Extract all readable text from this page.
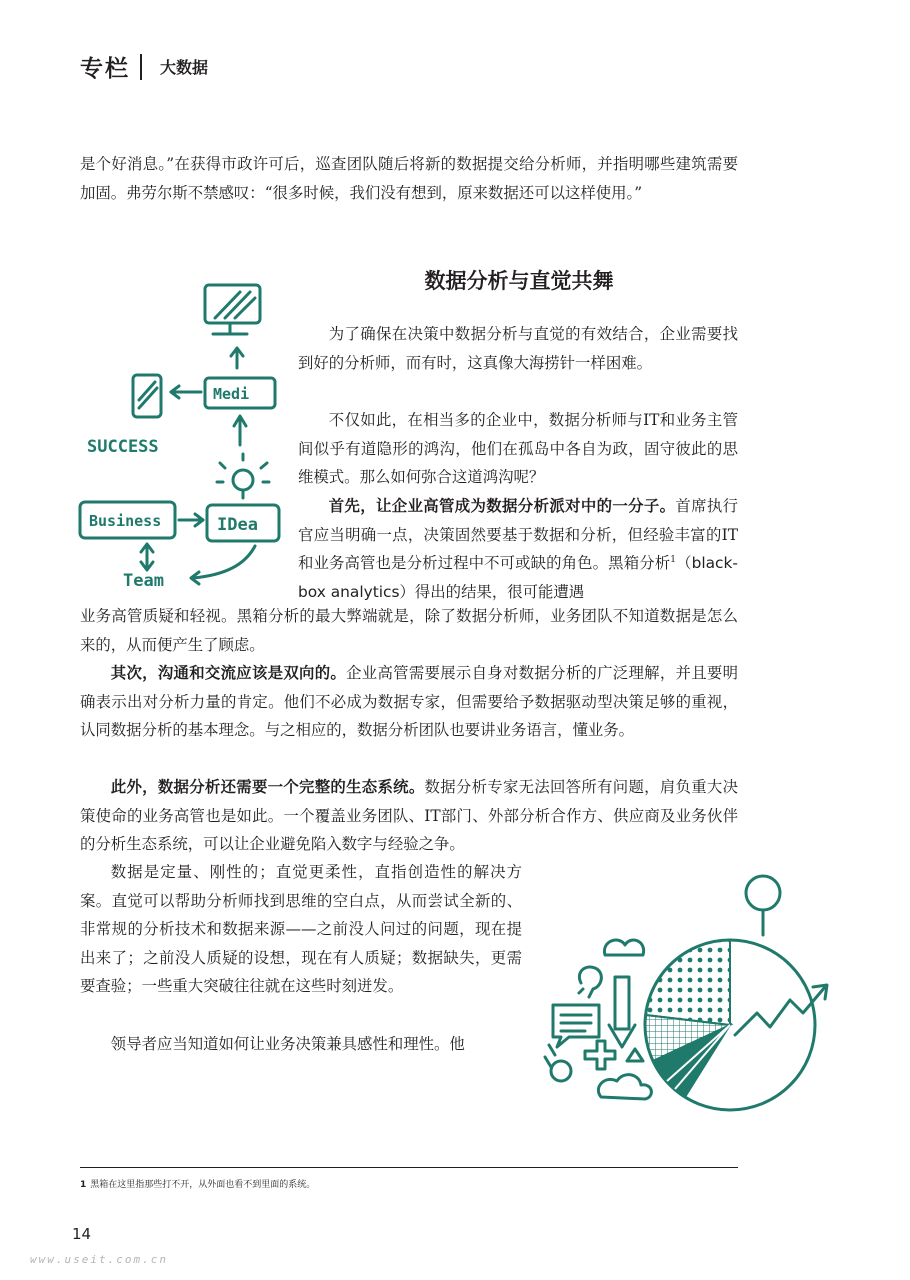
专栏 大数据

是个好消息。”在获得市政许可后，巡查团队随后将新的数据提交给分析师，并指明哪些建筑需要加固。弗劳尔斯不禁感叹：“很多时候，我们没有想到，原来数据还可以这样使用。”

数据分析与直觉共舞

为了确保在决策中数据分析与直觉的有效结合，企业需要找到好的分析师，而有时，这真像大海捞针一样困难。

不仅如此，在相当多的企业中，数据分析师与IT和业务主管间似乎有道隐形的鸿沟，他们在孤岛中各自为政，固守彼此的思维模式。那么如何弥合这道鸿沟呢？

首先，让企业高管成为数据分析派对中的一分子。首席执行官应当明确一点，决策固然要基于数据和分析，但经验丰富的IT和业务高管也是分析过程中不可或缺的角色。黑箱分析$^1$（black-box analytics）得出的结果，很可能遭遇

业务高管质疑和轻视。黑箱分析的最大弊端就是，除了数据分析师，业务团队不知道数据是怎么来的，从而便产生了顾虑。

其次，沟通和交流应该是双向的。企业高管需要展示自身对数据分析的广泛理解，并且要明确表示出对分析力量的肯定。他们不必成为数据专家，但需要给予数据驱动型决策足够的重视，认同数据分析的基本理念。与之相应的，数据分析团队也要讲业务语言，懂业务。

此外，数据分析还需要一个完整的生态系统。数据分析专家无法回答所有问题，肩负重大决策使命的业务高管也是如此。一个覆盖业务团队、IT部门、外部分析合作方、供应商及业务伙伴的分析生态系统，可以让企业避免陷入数字与经验之争。

数据是定量、刚性的；直觉更柔性，直指创造性的解决方案。直觉可以帮助分析师找到思维的空白点，从而尝试全新的、非常规的分析技术和数据来源——之前没人问过的问题，现在提出来了；之前没人质疑的设想，现在有人质疑；数据缺失，更需要查验；一些重大突破往往就在这些时刻迸发。

领导者应当知道如何让业务决策兼具感性和理性。他

Medi
SUCCESS
Business	IDea
Team
1 黑箱在这里指那些打不开，从外面也看不到里面的系统。
14
www.useit.com.cn
